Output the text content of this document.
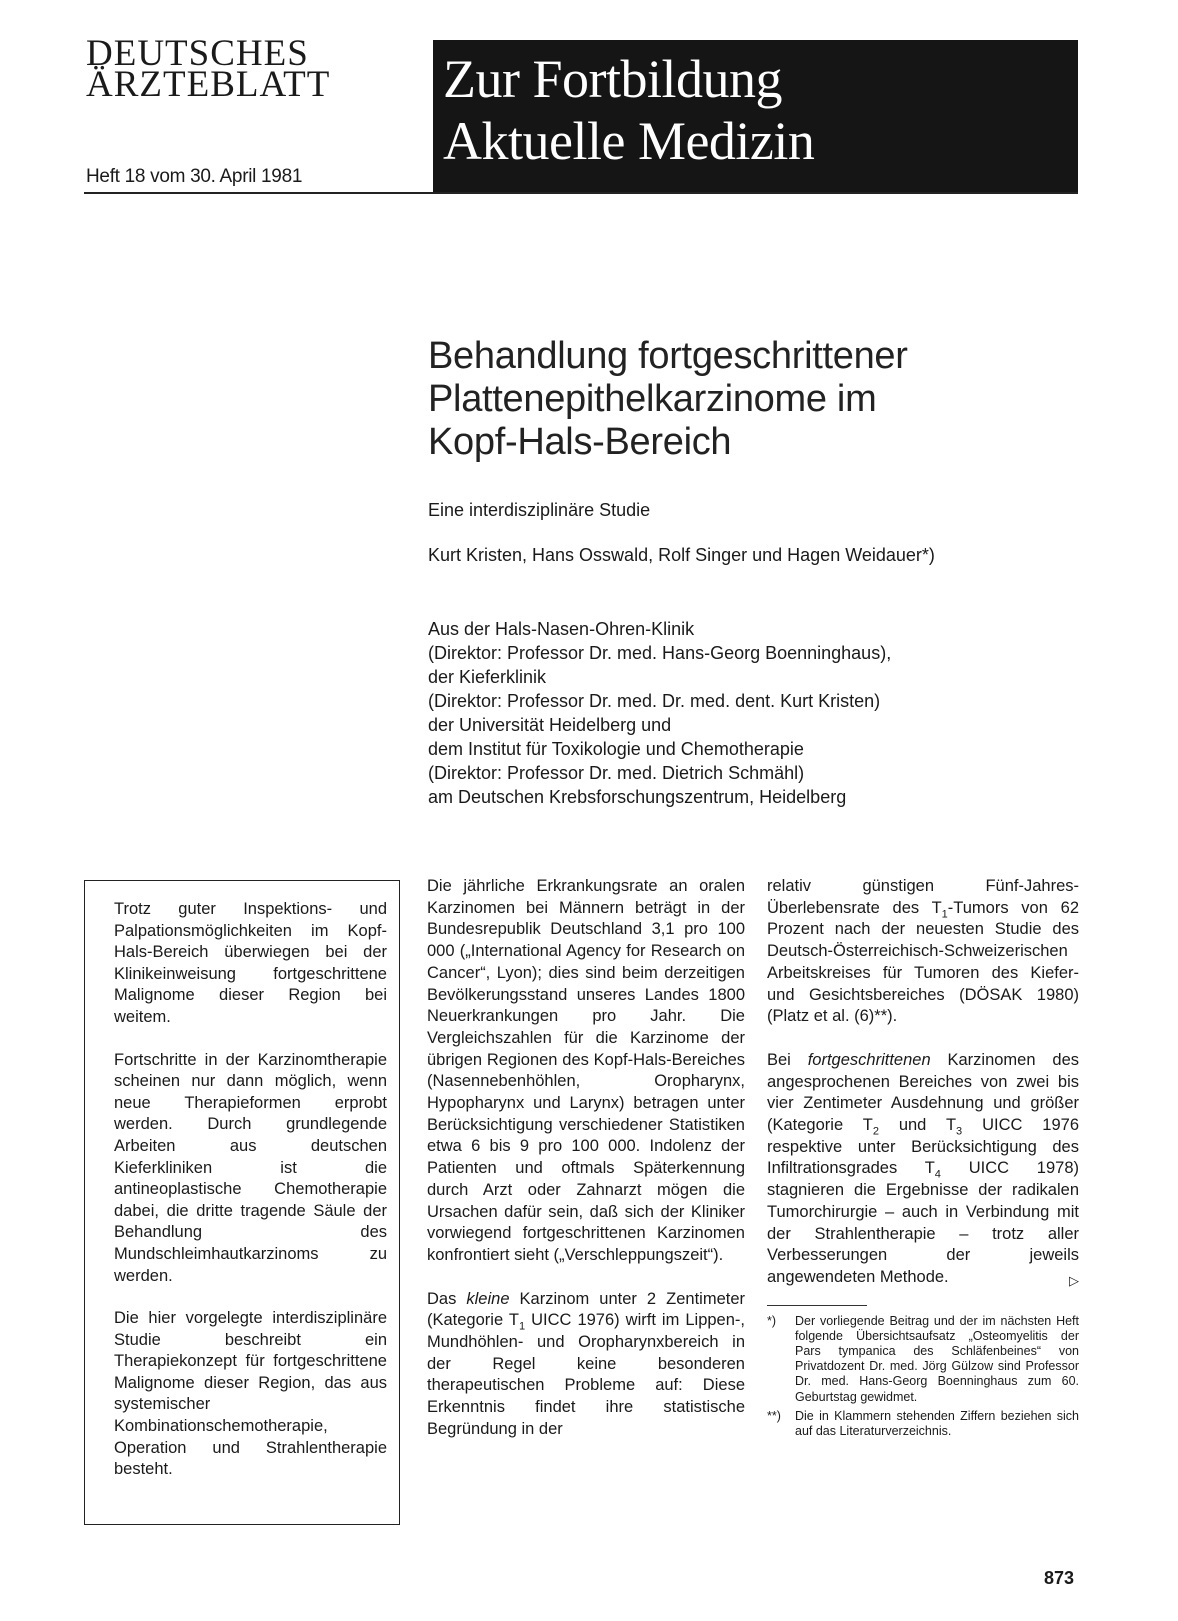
DEUTSCHES
ÄRZTEBLATT
Heft 18 vom 30. April 1981
Zur Fortbildung
Aktuelle Medizin
Behandlung fortgeschrittener
Plattenepithelkarzinome im
Kopf-Hals-Bereich
Eine interdisziplinäre Studie
Kurt Kristen, Hans Osswald, Rolf Singer und Hagen Weidauer*)
Aus der Hals-Nasen-Ohren-Klinik
(Direktor: Professor Dr. med. Hans-Georg Boenninghaus),
der Kieferklinik
(Direktor: Professor Dr. med. Dr. med. dent. Kurt Kristen)
der Universität Heidelberg und
dem Institut für Toxikologie und Chemotherapie
(Direktor: Professor Dr. med. Dietrich Schmähl)
am Deutschen Krebsforschungszentrum, Heidelberg

Trotz guter Inspektions- und Palpationsmöglichkeiten im Kopf-Hals-Bereich überwiegen bei der Klinikeinweisung fortgeschrittene Malignome dieser Region bei weitem.

Fortschritte in der Karzinomtherapie scheinen nur dann möglich, wenn neue Therapieformen erprobt werden. Durch grundlegende Arbeiten aus deutschen Kieferkliniken ist die antineoplastische Chemotherapie dabei, die dritte tragende Säule der Behandlung des Mundschleimhautkarzinoms zu werden.

Die hier vorgelegte interdisziplinäre Studie beschreibt ein Therapiekonzept für fortgeschrittene Malignome dieser Region, das aus systemischer Kombinationschemotherapie, Operation und Strahlentherapie besteht.

Die jährliche Erkrankungsrate an oralen Karzinomen bei Männern beträgt in der Bundesrepublik Deutschland 3,1 pro 100 000 („International Agency for Research on Cancer“, Lyon); dies sind beim derzeitigen Bevölkerungsstand unseres Landes 1800 Neuerkrankungen pro Jahr. Die Vergleichszahlen für die Karzinome der übrigen Regionen des Kopf-Hals-Bereiches (Nasennebenhöhlen, Oropharynx, Hypopharynx und Larynx) betragen unter Berücksichtigung verschiedener Statistiken etwa 6 bis 9 pro 100 000. Indolenz der Patienten und oftmals Späterkennung durch Arzt oder Zahnarzt mögen die Ursachen dafür sein, daß sich der Kliniker vorwiegend fortgeschrittenen Karzinomen konfrontiert sieht („Verschleppungszeit“).

Das kleine Karzinom unter 2 Zentimeter (Kategorie $T_1$ UICC 1976) wirft im Lippen-, Mundhöhlen- und Oropharynxbereich in der Regel keine besonderen therapeutischen Probleme auf: Diese Erkenntnis findet ihre statistische Begründung in der

relativ günstigen Fünf-Jahres-Überlebensrate des $T_1$-Tumors von 62 Prozent nach der neuesten Studie des Deutsch-Österreichisch-Schweizerischen Arbeitskreises für Tumoren des Kiefer- und Gesichtsbereiches (DÖSAK 1980) (Platz et al. (6)**).

Bei fortgeschrittenen Karzinomen des angesprochenen Bereiches von zwei bis vier Zentimeter Ausdehnung und größer (Kategorie $T_2$ und $T_3$ UICC 1976 respektive unter Berücksichtigung des Infiltrationsgrades $T_4$ UICC 1978) stagnieren die Ergebnisse der radikalen Tumorchirurgie – auch in Verbindung mit der Strahlentherapie – trotz aller Verbesserungen der jeweils angewendeten Methode.	▷

*)	Der vorliegende Beitrag und der im nächsten Heft folgende Übersichtsaufsatz „Osteomyelitis der Pars tympanica des Schläfenbeines“ von Privatdozent Dr. med. Jörg Gülzow sind Professor Dr. med. Hans-Georg Boenninghaus zum 60. Geburtstag gewidmet.
**)	Die in Klammern stehenden Ziffern beziehen sich auf das Literaturverzeichnis.
873
